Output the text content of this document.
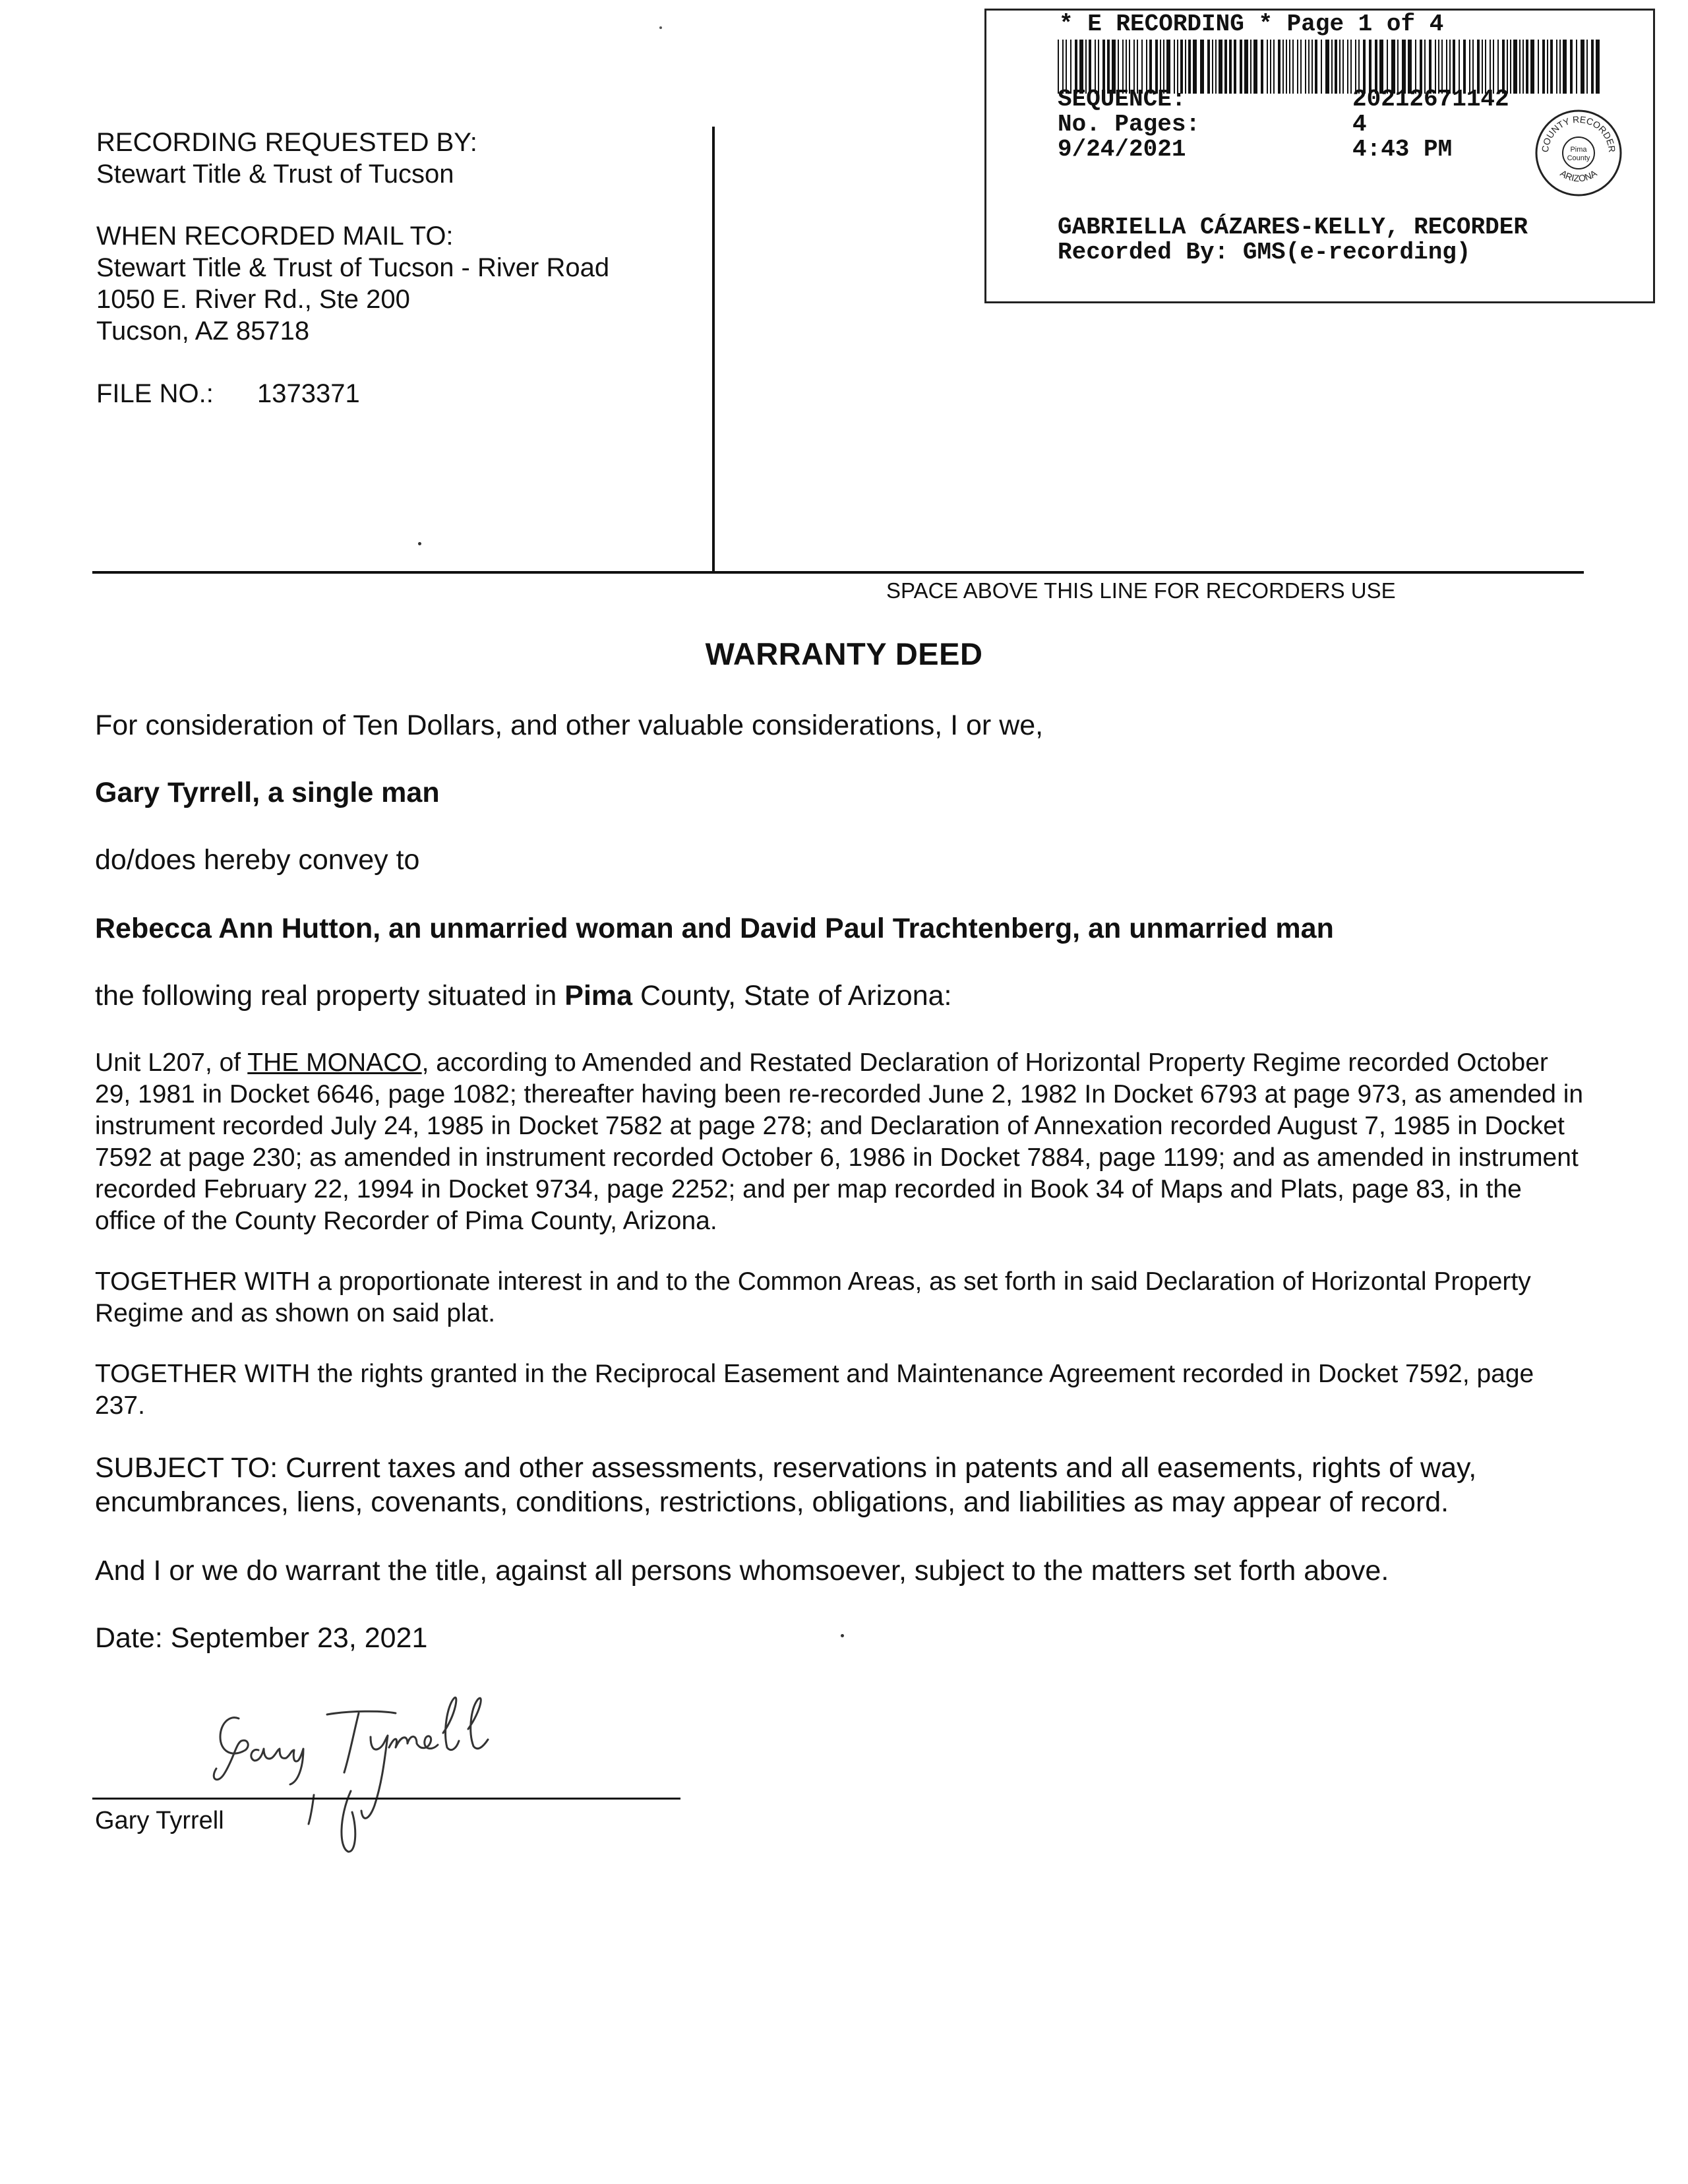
RECORDING REQUESTED BY:
Stewart Title & Trust of Tucson
WHEN RECORDED MAIL TO:
Stewart Title & Trust of Tucson - River Road
1050 E. River Rd., Ste 200
Tucson, AZ 85718
FILE NO.: 1373371
SPACE ABOVE THIS LINE FOR RECORDERS USE
* E RECORDING * Page 1 of 4
SEQUENCE:	20212671142
No. Pages:	4
9/24/2021	4:43 PM
GABRIELLA CÁZARES-KELLY, RECORDER
Recorded By: GMS(e-recording)
COUNTY RECORDER
ARIZONA
Pima
County
WARRANTY DEED
For consideration of Ten Dollars, and other valuable considerations, I or we,
Gary Tyrrell, a single man
do/does hereby convey to
Rebecca Ann Hutton, an unmarried woman and David Paul Trachtenberg, an unmarried man
the following real property situated in Pima County, State of Arizona:
Unit L207, of THE MONACO, according to Amended and Restated Declaration of Horizontal Property Regime recorded October 29, 1981 in Docket 6646, page 1082; thereafter having been re-recorded June 2, 1982 In Docket 6793 at page 973, as amended in instrument recorded July 24, 1985 in Docket 7582 at page 278; and Declaration of Annexation recorded August 7, 1985 in Docket 7592 at page 230; as amended in instrument recorded October 6, 1986 in Docket 7884, page 1199; and as amended in instrument recorded February 22, 1994 in Docket 9734, page 2252; and per map recorded in Book 34 of Maps and Plats, page 83, in the office of the County Recorder of Pima County, Arizona.
TOGETHER WITH a proportionate interest in and to the Common Areas, as set forth in said Declaration of Horizontal Property Regime and as shown on said plat.
TOGETHER WITH the rights granted in the Reciprocal Easement and Maintenance Agreement recorded in Docket 7592, page 237.
SUBJECT TO: Current taxes and other assessments, reservations in patents and all easements, rights of way, encumbrances, liens, covenants, conditions, restrictions, obligations, and liabilities as may appear of record.
And I or we do warrant the title, against all persons whomsoever, subject to the matters set forth above.
Date: September 23, 2021
Gary Tyrrell
